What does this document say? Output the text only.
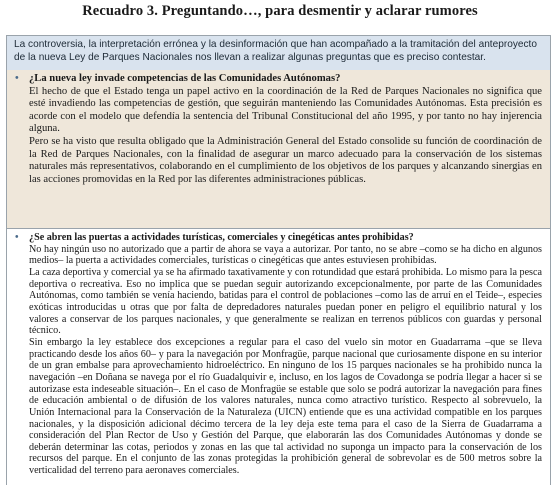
Recuadro 3. Preguntando…, para desmentir y aclarar rumores
La controversia, la interpretación errónea y la desinformación que han acompañado a la tramitación del anteproyecto de la nueva Ley de Parques Nacionales nos llevan a realizar algunas preguntas que es preciso contestar.

• ¿La nueva ley invade competencias de las Comunidades Autónomas?

El hecho de que el Estado tenga un papel activo en la coordinación de la Red de Parques Nacionales no significa que esté invadiendo las competencias de gestión, que seguirán manteniendo las Comunidades Autónomas. Esta precisión es acorde con el modelo que defendía la sentencia del Tribunal Constitucional del año 1995, y por tanto no hay injerencia alguna.

Pero se ha visto que resulta obligado que la Administración General del Estado consolide su función de coordinación de la Red de Parques Nacionales, con la finalidad de asegurar un marco adecuado para la conservación de los sistemas naturales más representativos, colaborando en el cumplimiento de los objetivos de los parques y alcanzando sinergias en las acciones promovidas en la Red por las diferentes administraciones públicas.

• ¿Se abren las puertas a actividades turísticas, comerciales y cinegéticas antes prohibidas?

No hay ningún uso no autorizado que a partir de ahora se vaya a autorizar. Por tanto, no se abre –como se ha dicho en algunos medios– la puerta a actividades comerciales, turísticas o cinegéticas que antes estuviesen prohibidas.

La caza deportiva y comercial ya se ha afirmado taxativamente y con rotundidad que estará prohibida. Lo mismo para la pesca deportiva o recreativa. Eso no implica que se puedan seguir autorizando excepcionalmente, por parte de las Comunidades Autónomas, como también se venía haciendo, batidas para el control de poblaciones –como las de arruí en el Teide–, especies exóticas introducidas u otras que por falta de depredadores naturales puedan poner en peligro el equilibrio natural y los valores a conservar de los parques nacionales, y que generalmente se realizan en terrenos públicos con guardas y personal técnico.

Sin embargo la ley establece dos excepciones a regular para el caso del vuelo sin motor en Guadarrama –que se lleva practicando desde los años 60– y para la navegación por Monfragüe, parque nacional que curiosamente dispone en su interior de un gran embalse para aprovechamiento hidroeléctrico. En ninguno de los 15 parques nacionales se ha prohibido nunca la navegación –en Doñana se navega por el río Guadalquivir e, incluso, en los lagos de Covadonga se podría llegar a hacer si se autorizase esta indeseable situación–. En el caso de Monfragüe se estable que solo se podrá autorizar la navegación para fines de educación ambiental o de difusión de los valores naturales, nunca como atractivo turístico. Respecto al sobrevuelo, la Unión Internacional para la Conservación de la Naturaleza (UICN) entiende que es una actividad compatible en los parques nacionales, y la disposición adicional décimo tercera de la ley deja este tema para el caso de la Sierra de Guadarrama a consideración del Plan Rector de Uso y Gestión del Parque, que elaborarán las dos Comunidades Autónomas y donde se deberán determinar las cotas, periodos y zonas en las que tal actividad no suponga un impacto para la conservación de los recursos del parque. En el conjunto de las zonas protegidas la prohibición general de sobrevolar es de 500 metros sobre la verticalidad del terreno para aeronaves comerciales.
